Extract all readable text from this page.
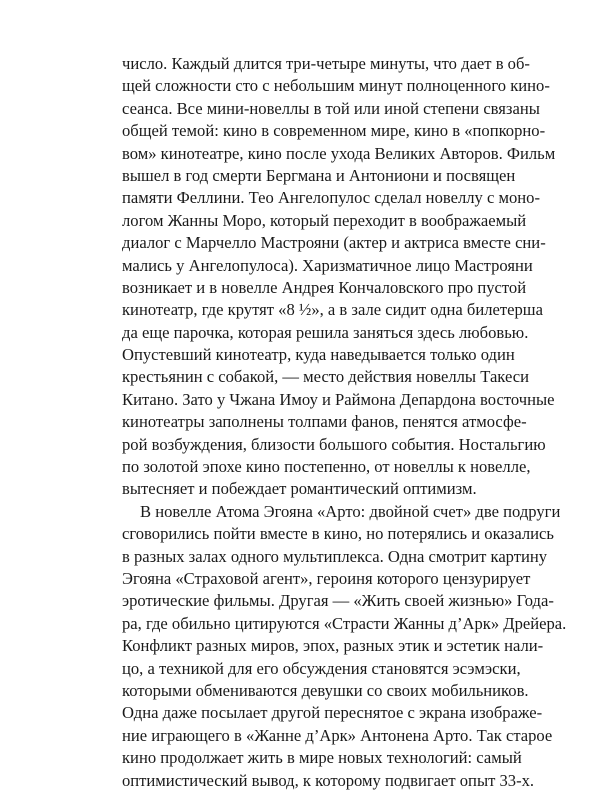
число. Каждый длится три-четыре минуты, что дает в об-
щей сложности сто с небольшим минут полноценного кино-
сеанса. Все мини-новеллы в той или иной степени связаны
общей темой: кино в современном мире, кино в «попкорно-
вом» кинотеатре, кино после ухода Великих Авторов. Фильм
вышел в год смерти Бергмана и Антониони и посвящен
памяти Феллини. Тео Ангелопулос сделал новеллу с моно-
логом Жанны Моро, который переходит в воображаемый
диалог с Марчелло Мастрояни (актер и актриса вместе сни-
мались у Ангелопулоса). Харизматичное лицо Мастрояни
возникает и в новелле Андрея Кончаловского про пустой
кинотеатр, где крутят «8 ½», а в зале сидит одна билетерша
да еще парочка, которая решила заняться здесь любовью.
Опустевший кинотеатр, куда наведывается только один
крестьянин с собакой, — место действия новеллы Такеси
Китано. Зато у Чжана Имоу и Раймона Депардона восточные
кинотеатры заполнены толпами фанов, пенятся атмосфе-
рой возбуждения, близости большого события. Ностальгию
по золотой эпохе кино постепенно, от новеллы к новелле,
вытесняет и побеждает романтический оптимизм.
В новелле Атома Эгояна «Арто: двойной счет» две подруги
сговорились пойти вместе в кино, но потерялись и оказались
в разных залах одного мультиплекса. Одна смотрит картину
Эгояна «Страховой агент», героиня которого цензурирует
эротические фильмы. Другая — «Жить своей жизнью» Года-
ра, где обильно цитируются «Страсти Жанны д’Арк» Дрейера.
Конфликт разных миров, эпох, разных этик и эстетик нали-
цо, а техникой для его обсуждения становятся эсэмэски,
которыми обмениваются девушки со своих мобильников.
Одна даже посылает другой переснятое с экрана изображе-
ние играющего в «Жанне д’Арк» Антонена Арто. Так старое
кино продолжает жить в мире новых технологий: самый
оптимистический вывод, к которому подвигает опыт 33-х.
